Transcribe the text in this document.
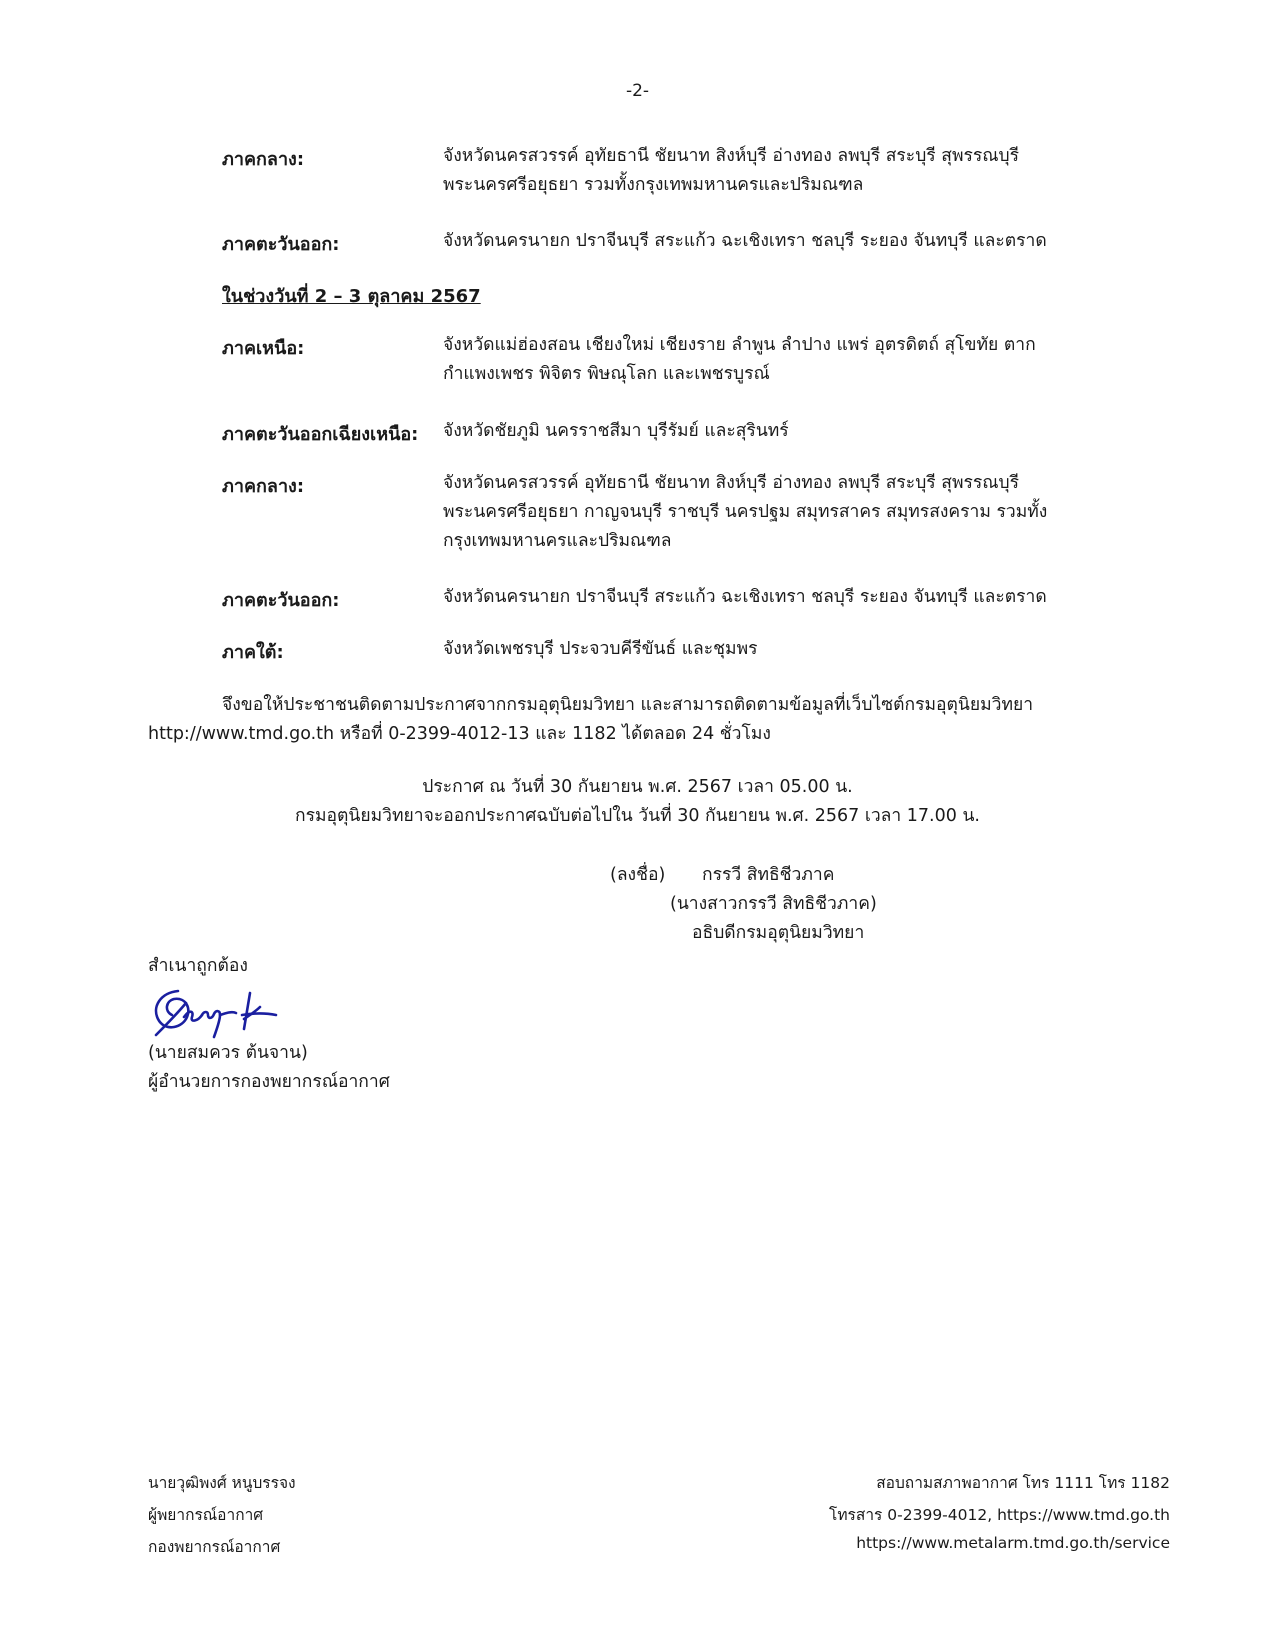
-2-
ภาคกลาง:	จังหวัดนครสวรรค์ อุทัยธานี ชัยนาท สิงห์บุรี อ่างทอง ลพบุรี สระบุรี สุพรรณบุรี
พระนครศรีอยุธยา รวมทั้งกรุงเทพมหานครและปริมณฑล
ภาคตะวันออก:	จังหวัดนครนายก ปราจีนบุรี สระแก้ว ฉะเชิงเทรา ชลบุรี ระยอง จันทบุรี และตราด
ในช่วงวันที่ 2 – 3 ตุลาคม 2567
ภาคเหนือ:	จังหวัดแม่ฮ่องสอน เชียงใหม่ เชียงราย ลำพูน ลำปาง แพร่ อุตรดิตถ์ สุโขทัย ตาก
กำแพงเพชร พิจิตร พิษณุโลก และเพชรบูรณ์
ภาคตะวันออกเฉียงเหนือ: จังหวัดชัยภูมิ นครราชสีมา บุรีรัมย์ และสุรินทร์
ภาคกลาง:	จังหวัดนครสวรรค์ อุทัยธานี ชัยนาท สิงห์บุรี อ่างทอง ลพบุรี สระบุรี สุพรรณบุรี
พระนครศรีอยุธยา กาญจนบุรี ราชบุรี นครปฐม สมุทรสาคร สมุทรสงคราม รวมทั้ง
กรุงเทพมหานครและปริมณฑล
ภาคตะวันออก:	จังหวัดนครนายก ปราจีนบุรี สระแก้ว ฉะเชิงเทรา ชลบุรี ระยอง จันทบุรี และตราด
ภาคใต้:	จังหวัดเพชรบุรี ประจวบคีรีขันธ์ และชุมพร
จึงขอให้ประชาชนติดตามประกาศจากกรมอุตุนิยมวิทยา และสามารถติดตามข้อมูลที่เว็บไซต์กรมอุตุนิยมวิทยา
http://www.tmd.go.th หรือที่ 0-2399-4012-13 และ 1182 ได้ตลอด 24 ชั่วโมง
ประกาศ ณ วันที่ 30 กันยายน พ.ศ. 2567 เวลา 05.00 น.
กรมอุตุนิยมวิทยาจะออกประกาศฉบับต่อไปใน วันที่ 30 กันยายน พ.ศ. 2567 เวลา 17.00 น.
(ลงชื่อ) กรรวี สิทธิชีวภาค
(นางสาวกรรวี สิทธิชีวภาค)
อธิบดีกรมอุตุนิยมวิทยา
สำเนาถูกต้อง
(นายสมควร ต้นจาน)
ผู้อำนวยการกองพยากรณ์อากาศ
นายวุฒิพงศ์ หนูบรรจง
ผู้พยากรณ์อากาศ
กองพยากรณ์อากาศ
สอบถามสภาพอากาศ โทร 1111 โทร 1182
โทรสาร 0-2399-4012, https://www.tmd.go.th
https://www.metalarm.tmd.go.th/service
